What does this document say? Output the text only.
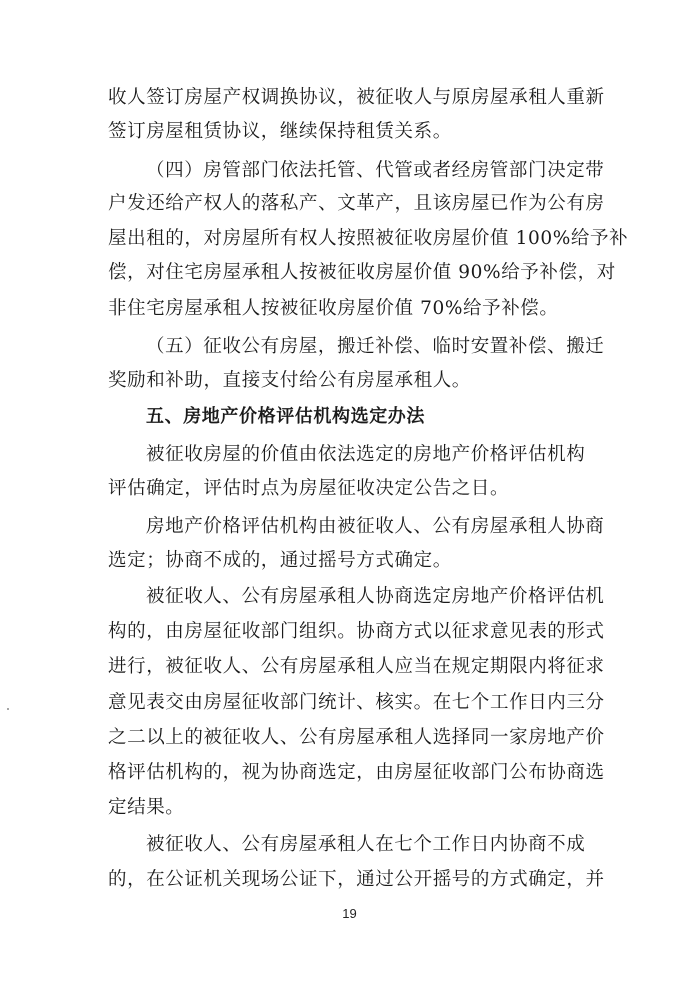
收人签订房屋产权调换协议，被征收人与原房屋承租人重新
签订房屋租赁协议，继续保持租赁关系。
（四）房管部门依法托管、代管或者经房管部门决定带
户发还给产权人的落私产、文革产，且该房屋已作为公有房
屋出租的，对房屋所有权人按照被征收房屋价值 100%给予补
偿，对住宅房屋承租人按被征收房屋价值 90%给予补偿，对
非住宅房屋承租人按被征收房屋价值 70%给予补偿。
（五）征收公有房屋，搬迁补偿、临时安置补偿、搬迁
奖励和补助，直接支付给公有房屋承租人。
五、房地产价格评估机构选定办法
被征收房屋的价值由依法选定的房地产价格评估机构
评估确定，评估时点为房屋征收决定公告之日。
房地产价格评估机构由被征收人、公有房屋承租人协商
选定；协商不成的，通过摇号方式确定。
被征收人、公有房屋承租人协商选定房地产价格评估机
构的，由房屋征收部门组织。协商方式以征求意见表的形式
进行，被征收人、公有房屋承租人应当在规定期限内将征求
意见表交由房屋征收部门统计、核实。在七个工作日内三分
之二以上的被征收人、公有房屋承租人选择同一家房地产价
格评估机构的，视为协商选定，由房屋征收部门公布协商选
定结果。
被征收人、公有房屋承租人在七个工作日内协商不成
的，在公证机关现场公证下，通过公开摇号的方式确定，并
19
